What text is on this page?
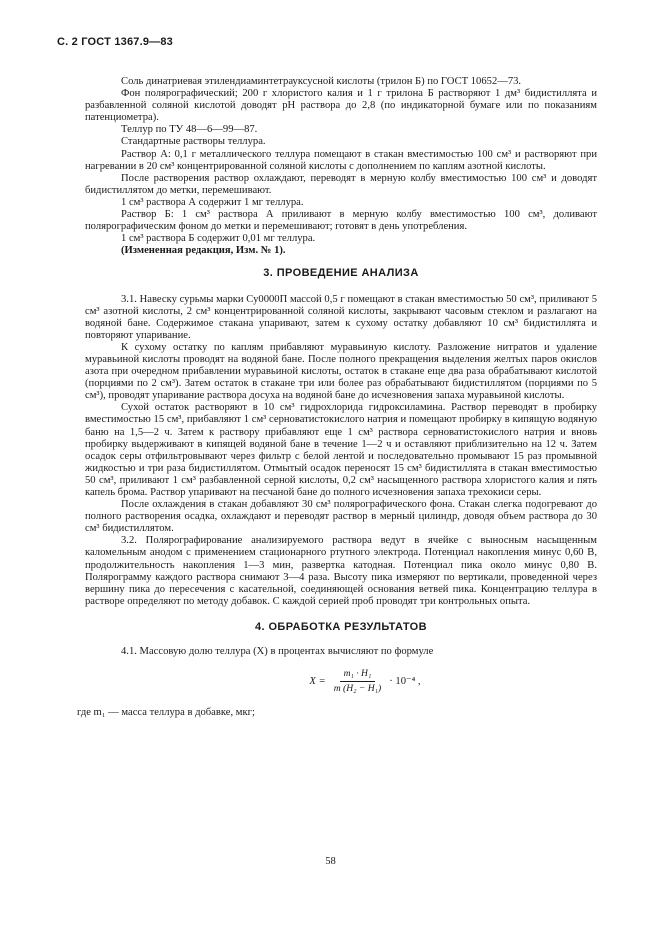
С. 2 ГОСТ 1367.9—83

Соль динатриевая этилендиаминтетрауксусной кислоты (трилон Б) по ГОСТ 10652—73.

Фон полярографический; 200 г хлористого калия и 1 г трилона Б растворяют 1 дм³ бидистиллята и разбавленной соляной кислотой доводят pH раствора до 2,8 (по индикаторной бумаге или по показаниям патенциометра).

Теллур по ТУ 48—6—99—87.

Стандартные растворы теллура.

Раствор А: 0,1 г металлического теллура помещают в стакан вместимостью 100 см³ и растворяют при нагревании в 20 см³ концентрированной соляной кислоты с дополнением по каплям азотной кислоты.

После растворения раствор охлаждают, переводят в мерную колбу вместимостью 100 см³ и доводят бидистиллятом до метки, перемешивают.

1 см³ раствора А содержит 1 мг теллура.

Раствор Б: 1 см³ раствора А приливают в мерную колбу вместимостью 100 см³, доливают полярографическим фоном до метки и перемешивают; готовят в день употребления.

1 см³ раствора Б содержит 0,01 мг теллура.

(Измененная редакция, Изм. № 1).

3. ПРОВЕДЕНИЕ АНАЛИЗА

3.1. Навеску сурьмы марки Су0000П массой 0,5 г помещают в стакан вместимостью 50 см³, приливают 5 см³ азотной кислоты, 2 см³ концентрированной соляной кислоты, закрывают часовым стеклом и разлагают на водяной бане. Содержимое стакана упаривают, затем к сухому остатку добавляют 10 см³ бидистиллята и повторяют упаривание.

К сухому остатку по каплям прибавляют муравьиную кислоту. Разложение нитратов и удаление муравьиной кислоты проводят на водяной бане. После полного прекращения выделения желтых паров окислов азота при очередном прибавлении муравьиной кислоты, остаток в стакане еще два раза обрабатывают кислотой (порциями по 2 см³). Затем остаток в стакане три или более раз обрабатывают бидистиллятом (порциями по 5 см³), проводят упаривание раствора досуха на водяной бане до исчезновения запаха муравьиной кислоты.

Сухой остаток растворяют в 10 см³ гидрохлорида гидроксиламина. Раствор переводят в пробирку вместимостью 15 см³, прибавляют 1 см³ серноватистокислого натрия и помещают пробирку в кипящую водяную баню на 1,5—2 ч. Затем к раствору прибавляют еще 1 см³ раствора серноватистокислого натрия и вновь пробирку выдерживают в кипящей водяной бане в течение 1—2 ч и оставляют приблизительно на 12 ч. Затем осадок серы отфильтровывают через фильтр с белой лентой и последовательно промывают 15 раз промывной жидкостью и три раза бидистиллятом. Отмытый осадок переносят 15 см³ бидистиллята в стакан вместимостью 50 см³, приливают 1 см³ разбавленной серной кислоты, 0,2 см³ насыщенного раствора хлористого калия и пять капель брома. Раствор упаривают на песчаной бане до полного исчезновения запаха трехокиси серы.

После охлаждения в стакан добавляют 30 см³ полярографического фона. Стакан слегка подогревают до полного растворения осадка, охлаждают и переводят раствор в мерный цилиндр, доводя объем раствора до 30 см³ бидистиллятом.

3.2. Полярографирование анализируемого раствора ведут в ячейке с выносным насыщенным каломельным анодом с применением стационарного ртутного электрода. Потенциал накопления минус 0,60 В, продолжительность накопления 1—3 мин, развертка катодная. Потенциал пика около минус 0,80 В. Полярограмму каждого раствора снимают 3—4 раза. Высоту пика измеряют по вертикали, проведенной через вершину пика до пересечения с касательной, соединяющей основания ветвей пика. Концентрацию теллура в растворе определяют по методу добавок. С каждой серией проб проводят три контрольных опыта.

4. ОБРАБОТКА РЕЗУЛЬТАТОВ

4.1. Массовую долю теллура (X) в процентах вычисляют по формуле

$X = \frac{\text{m₁ · H₁}}{\text{m (H₂ − H₁)}} \cdot 10^{-4}$ ,

где m₁ — масса теллура в добавке, мкг;

58
